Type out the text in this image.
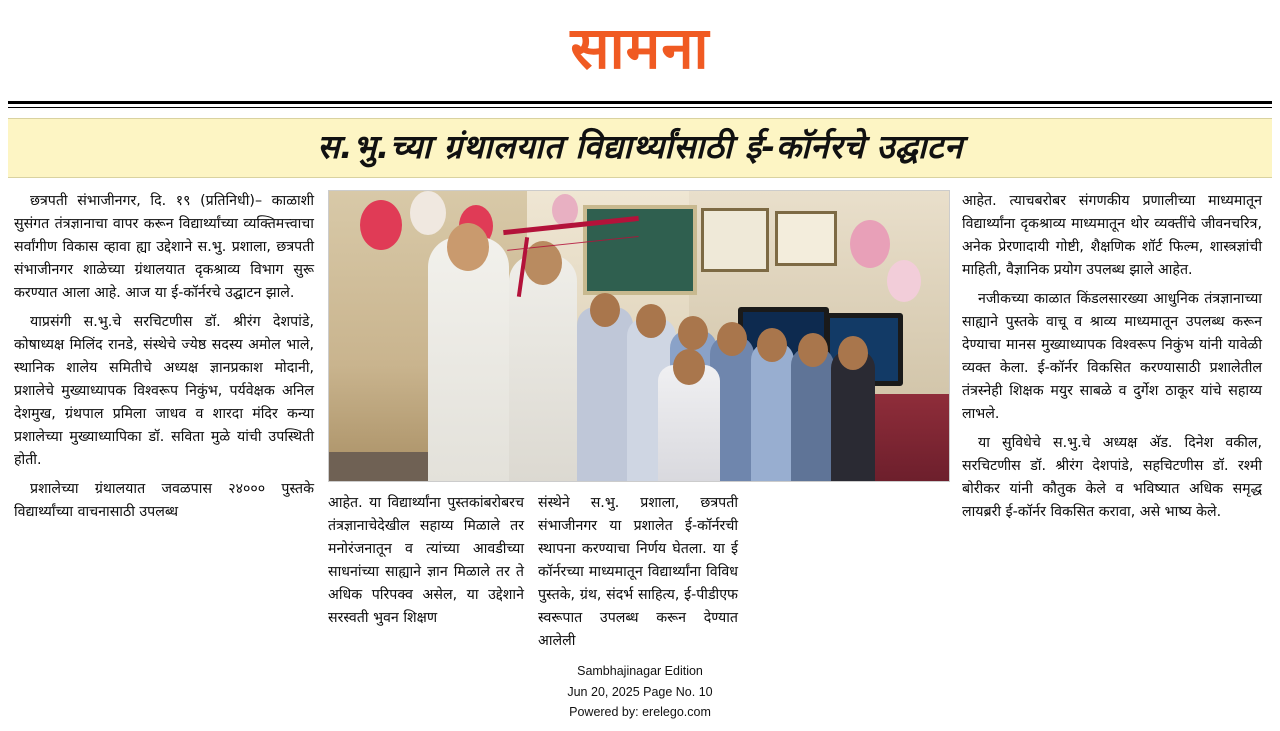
सामना
स.भु.च्या ग्रंथालयात विद्यार्थ्यांसाठी ई-कॉर्नरचे उद्घाटन

छत्रपती संभाजीनगर, दि. १९ (प्रतिनिधी)– काळाशी सुसंगत तंत्रज्ञानाचा वापर करून विद्यार्थ्यांच्या व्यक्तिमत्त्वाचा सर्वांगीण विकास व्हावा ह्या उद्देशाने स.भु. प्रशाला, छत्रपती संभाजीनगर शाळेच्या ग्रंथालयात दृकश्राव्य विभाग सुरू करण्यात आला आहे. आज या ई-कॉर्नरचे उद्घाटन झाले.

याप्रसंगी स.भु.चे सरचिटणीस डॉ. श्रीरंग देशपांडे, कोषाध्यक्ष मिलिंद रानडे, संस्थेचे ज्येष्ठ सदस्य अमोल भाले, स्थानिक शालेय समितीचे अध्यक्ष ज्ञानप्रकाश मोदानी, प्रशालेचे मुख्याध्यापक विश्वरूप निकुंभ, पर्यवेक्षक अनिल देशमुख, ग्रंथपाल प्रमिला जाधव व शारदा मंदिर कन्या प्रशालेच्या मुख्याध्यापिका डॉ. सविता मुळे यांची उपस्थिती होती.

प्रशालेच्या ग्रंथालयात जवळपास २४००० पुस्तके विद्यार्थ्यांच्या वाचनासाठी उपलब्ध

आहेत. या विद्यार्थ्यांना पुस्तकांबरोबरच तंत्रज्ञानाचेदेखील सहाय्य मिळाले तर मनोरंजनातून व त्यांच्या आवडीच्या साधनांच्या साह्याने ज्ञान मिळाले तर ते अधिक परिपक्व असेल, या उद्देशाने सरस्वती भुवन शिक्षण

संस्थेने स.भु. प्रशाला, छत्रपती संभाजीनगर या प्रशालेत ई-कॉर्नरची स्थापना करण्याचा निर्णय घेतला. या ई कॉर्नरच्या माध्यमातून विद्यार्थ्यांना विविध पुस्तके, ग्रंथ, संदर्भ साहित्य, ई-पीडीएफ स्वरूपात उपलब्ध करून देण्यात आलेली

आहेत. त्याचबरोबर संगणकीय प्रणालीच्या माध्यमातून विद्यार्थ्यांना दृकश्राव्य माध्यमातून थोर व्यक्तींचे जीवनचरित्र, अनेक प्रेरणादायी गोष्टी, शैक्षणिक शॉर्ट फिल्म, शास्त्रज्ञांची माहिती, वैज्ञानिक प्रयोग उपलब्ध झाले आहेत.

नजीकच्या काळात किंडलसारख्या आधुनिक तंत्रज्ञानाच्या साह्याने पुस्तके वाचू व श्राव्य माध्यमातून उपलब्ध करून देण्याचा मानस मुख्याध्यापक विश्वरूप निकुंभ यांनी यावेळी व्यक्त केला. ई-कॉर्नर विकसित करण्यासाठी प्रशालेतील तंत्रस्नेही शिक्षक मयुर साबळे व दुर्गेश ठाकूर यांचे सहाय्य लाभले.

या सुविधेचे स.भु.चे अध्यक्ष अ‍ॅड. दिनेश वकील, सरचिटणीस डॉ. श्रीरंग देशपांडे, सहचिटणीस डॉ. रश्मी बोरीकर यांनी कौतुक केले व भविष्यात अधिक समृद्ध लायब्ररी ई-कॉर्नर विकसित करावा, असे भाष्य केले.

Sambhajinagar Edition
Jun 20, 2025 Page No. 10
Powered by: erelego.com
